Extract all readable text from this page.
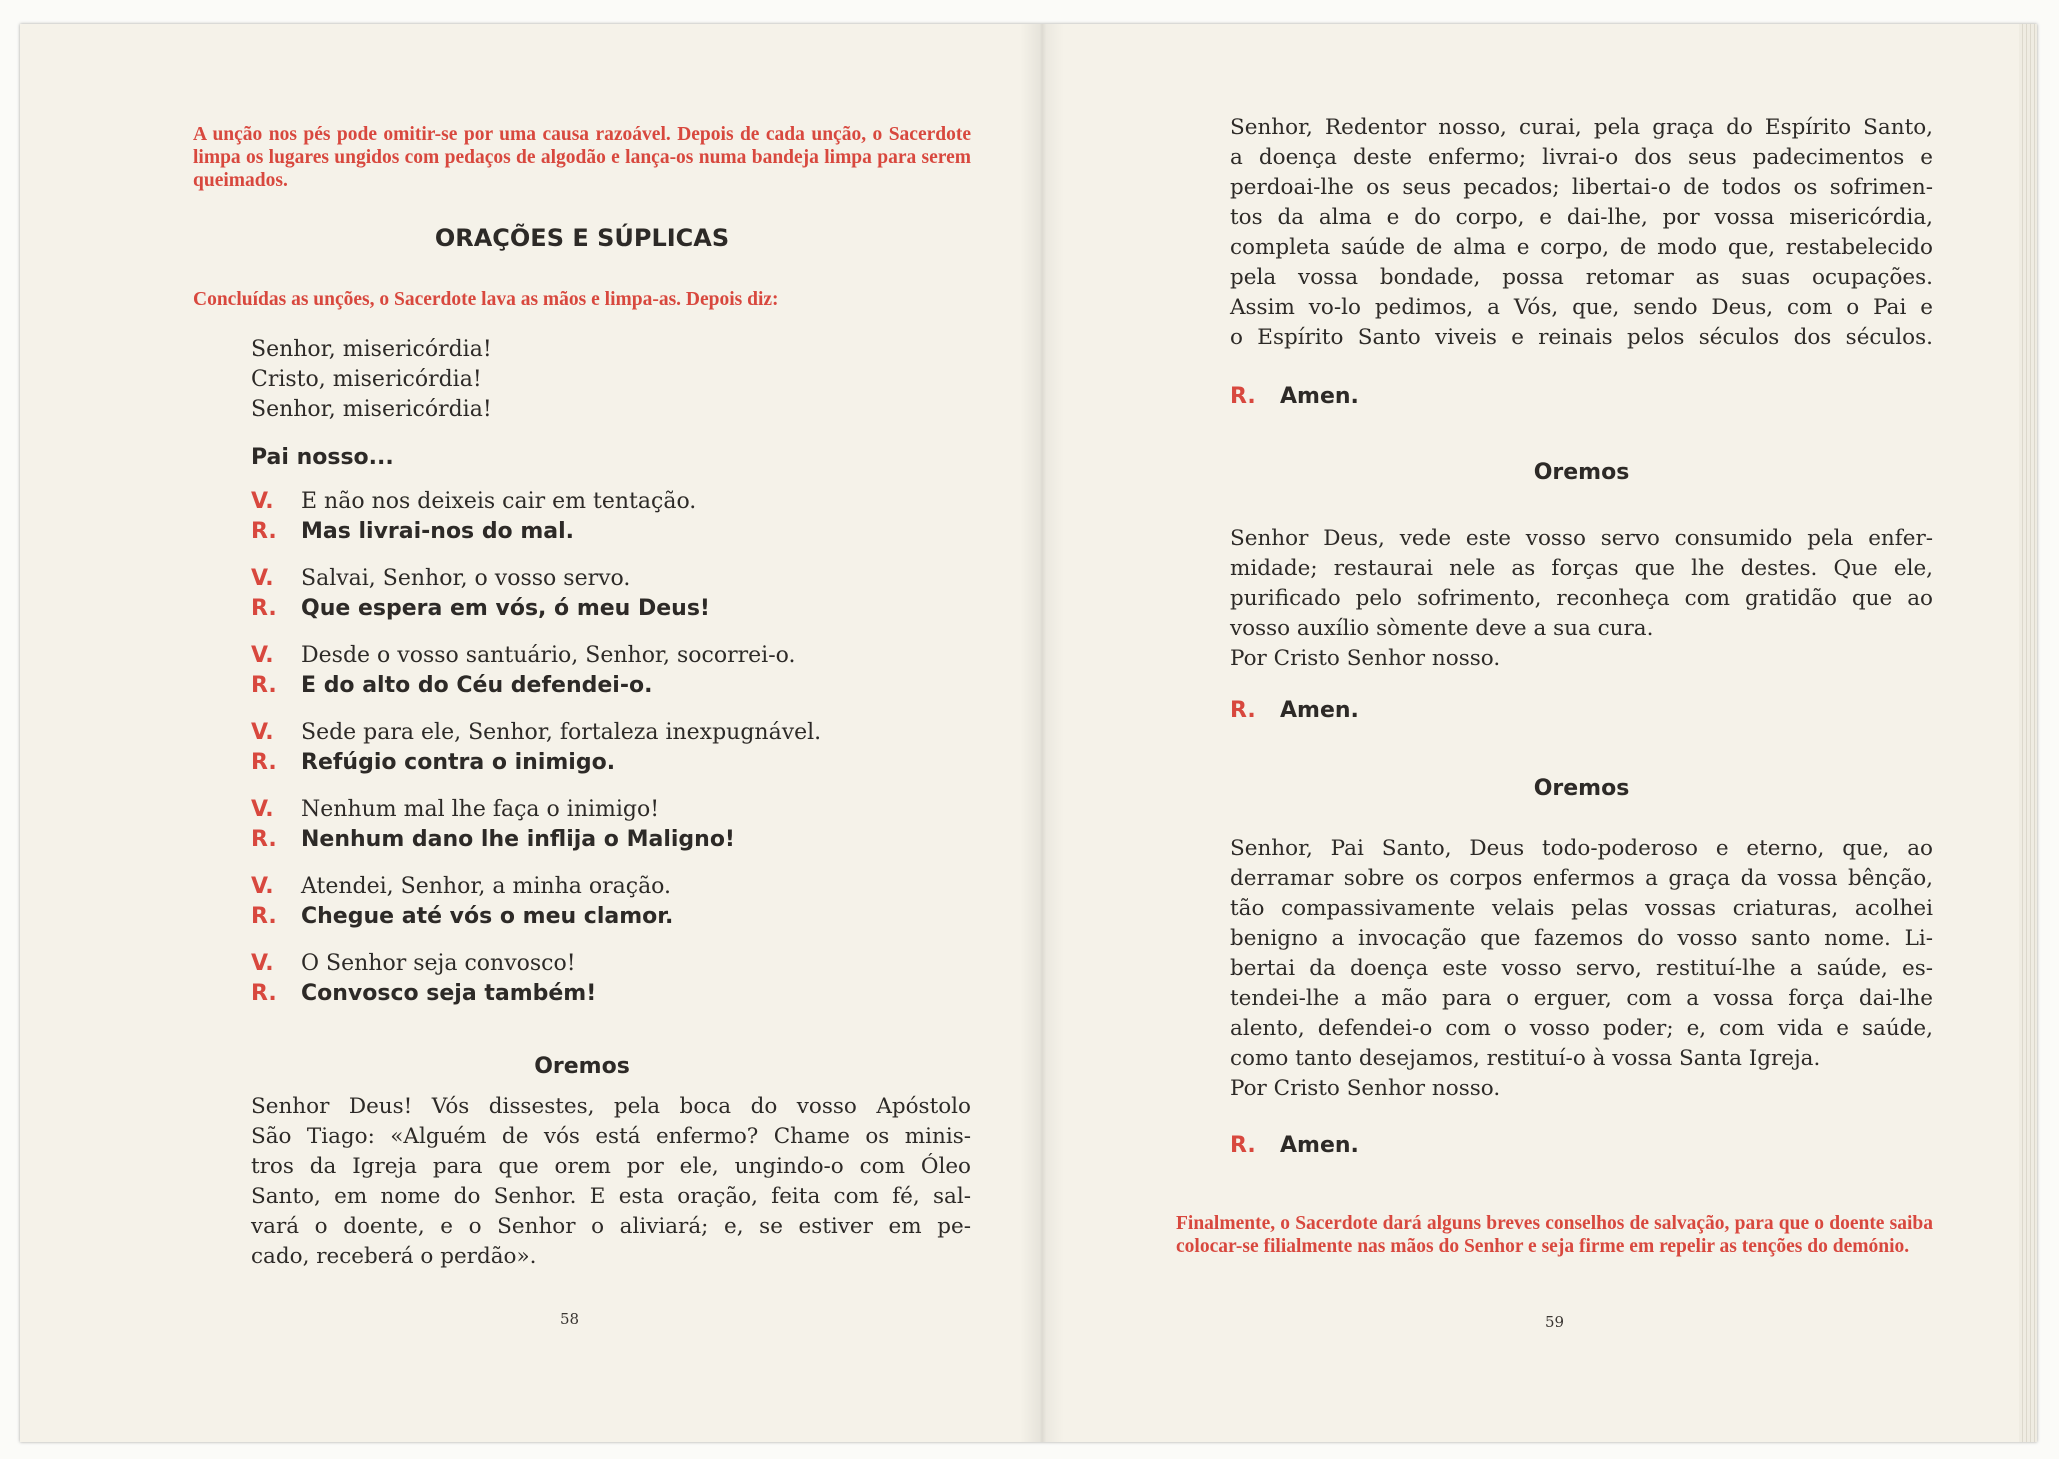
A unção nos pés pode omitir-se por uma causa razoável. Depois de cada unção, o Sacerdote limpa os lugares ungidos com pedaços de algodão e lança-os numa bandeja limpa para serem queimados.
ORAÇÕES E SÚPLICAS
Concluídas as unções, o Sacerdote lava as mãos e limpa-as. Depois diz:
Senhor, misericórdia!
Cristo, misericórdia!
Senhor, misericórdia!
Pai nosso...
V. E não nos deixeis cair em tentação.
R. Mas livrai-nos do mal.
V. Salvai, Senhor, o vosso servo.
R. Que espera em vós, ó meu Deus!
V. Desde o vosso santuário, Senhor, socorrei-o.
R. E do alto do Céu defendei-o.
V. Sede para ele, Senhor, fortaleza inexpugnável.
R. Refúgio contra o inimigo.
V. Nenhum mal lhe faça o inimigo!
R. Nenhum dano lhe inflija o Maligno!
V. Atendei, Senhor, a minha oração.
R. Chegue até vós o meu clamor.
V. O Senhor seja convosco!
R. Convosco seja também!
Oremos
Senhor Deus! Vós dissestes, pela boca do vosso Apóstolo
São Tiago: «Alguém de vós está enfermo? Chame os minis-
tros da Igreja para que orem por ele, ungindo-o com Óleo
Santo, em nome do Senhor. E esta oração, feita com fé, sal-
vará o doente, e o Senhor o aliviará; e, se estiver em pe-
cado, receberá o perdão».
58
Senhor, Redentor nosso, curai, pela graça do Espírito Santo,
a doença deste enfermo; livrai-o dos seus padecimentos e
perdoai-lhe os seus pecados; libertai-o de todos os sofrimen-
tos da alma e do corpo, e dai-lhe, por vossa misericórdia,
completa saúde de alma e corpo, de modo que, restabelecido
pela vossa bondade, possa retomar as suas ocupações.
Assim vo-lo pedimos, a Vós, que, sendo Deus, com o Pai e
o Espírito Santo viveis e reinais pelos séculos dos séculos.
R. Amen.
Oremos
Senhor Deus, vede este vosso servo consumido pela enfer-
midade; restaurai nele as forças que lhe destes. Que ele,
purificado pelo sofrimento, reconheça com gratidão que ao
vosso auxílio sòmente deve a sua cura.
Por Cristo Senhor nosso.
R. Amen.
Oremos
Senhor, Pai Santo, Deus todo-poderoso e eterno, que, ao
derramar sobre os corpos enfermos a graça da vossa bênção,
tão compassivamente velais pelas vossas criaturas, acolhei
benigno a invocação que fazemos do vosso santo nome. Li-
bertai da doença este vosso servo, restituí-lhe a saúde, es-
tendei-lhe a mão para o erguer, com a vossa força dai-lhe
alento, defendei-o com o vosso poder; e, com vida e saúde,
como tanto desejamos, restituí-o à vossa Santa Igreja.
Por Cristo Senhor nosso.
R. Amen.
Finalmente, o Sacerdote dará alguns breves conselhos de salvação, para que o doente saiba colocar-se filialmente nas mãos do Senhor e seja firme em repelir as tenções do demónio.
59
